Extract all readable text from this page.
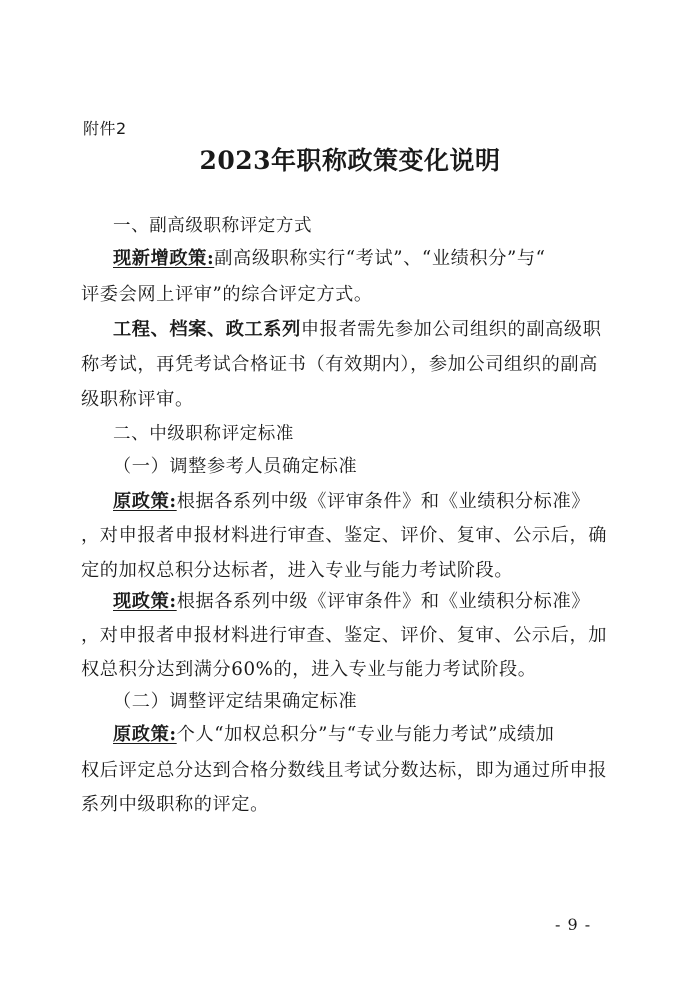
附件2
2023年职称政策变化说明
一、副高级职称评定方式
现新增政策:副高级职称实行“考试”、“业绩积分”与“
评委会网上评审”的综合评定方式。
工程、档案、政工系列申报者需先参加公司组织的副高级职
称考试，再凭考试合格证书（有效期内），参加公司组织的副高
级职称评审。
二、中级职称评定标准
（一）调整参考人员确定标准
原政策:根据各系列中级《评审条件》和《业绩积分标准》
，对申报者申报材料进行审查、鉴定、评价、复审、公示后，确
定的加权总积分达标者，进入专业与能力考试阶段。
现政策:根据各系列中级《评审条件》和《业绩积分标准》
，对申报者申报材料进行审查、鉴定、评价、复审、公示后，加
权总积分达到满分60%的，进入专业与能力考试阶段。
（二）调整评定结果确定标准
原政策:个人“加权总积分”与“专业与能力考试”成绩加
权后评定总分达到合格分数线且考试分数达标，即为通过所申报
系列中级职称的评定。
- 9 -
